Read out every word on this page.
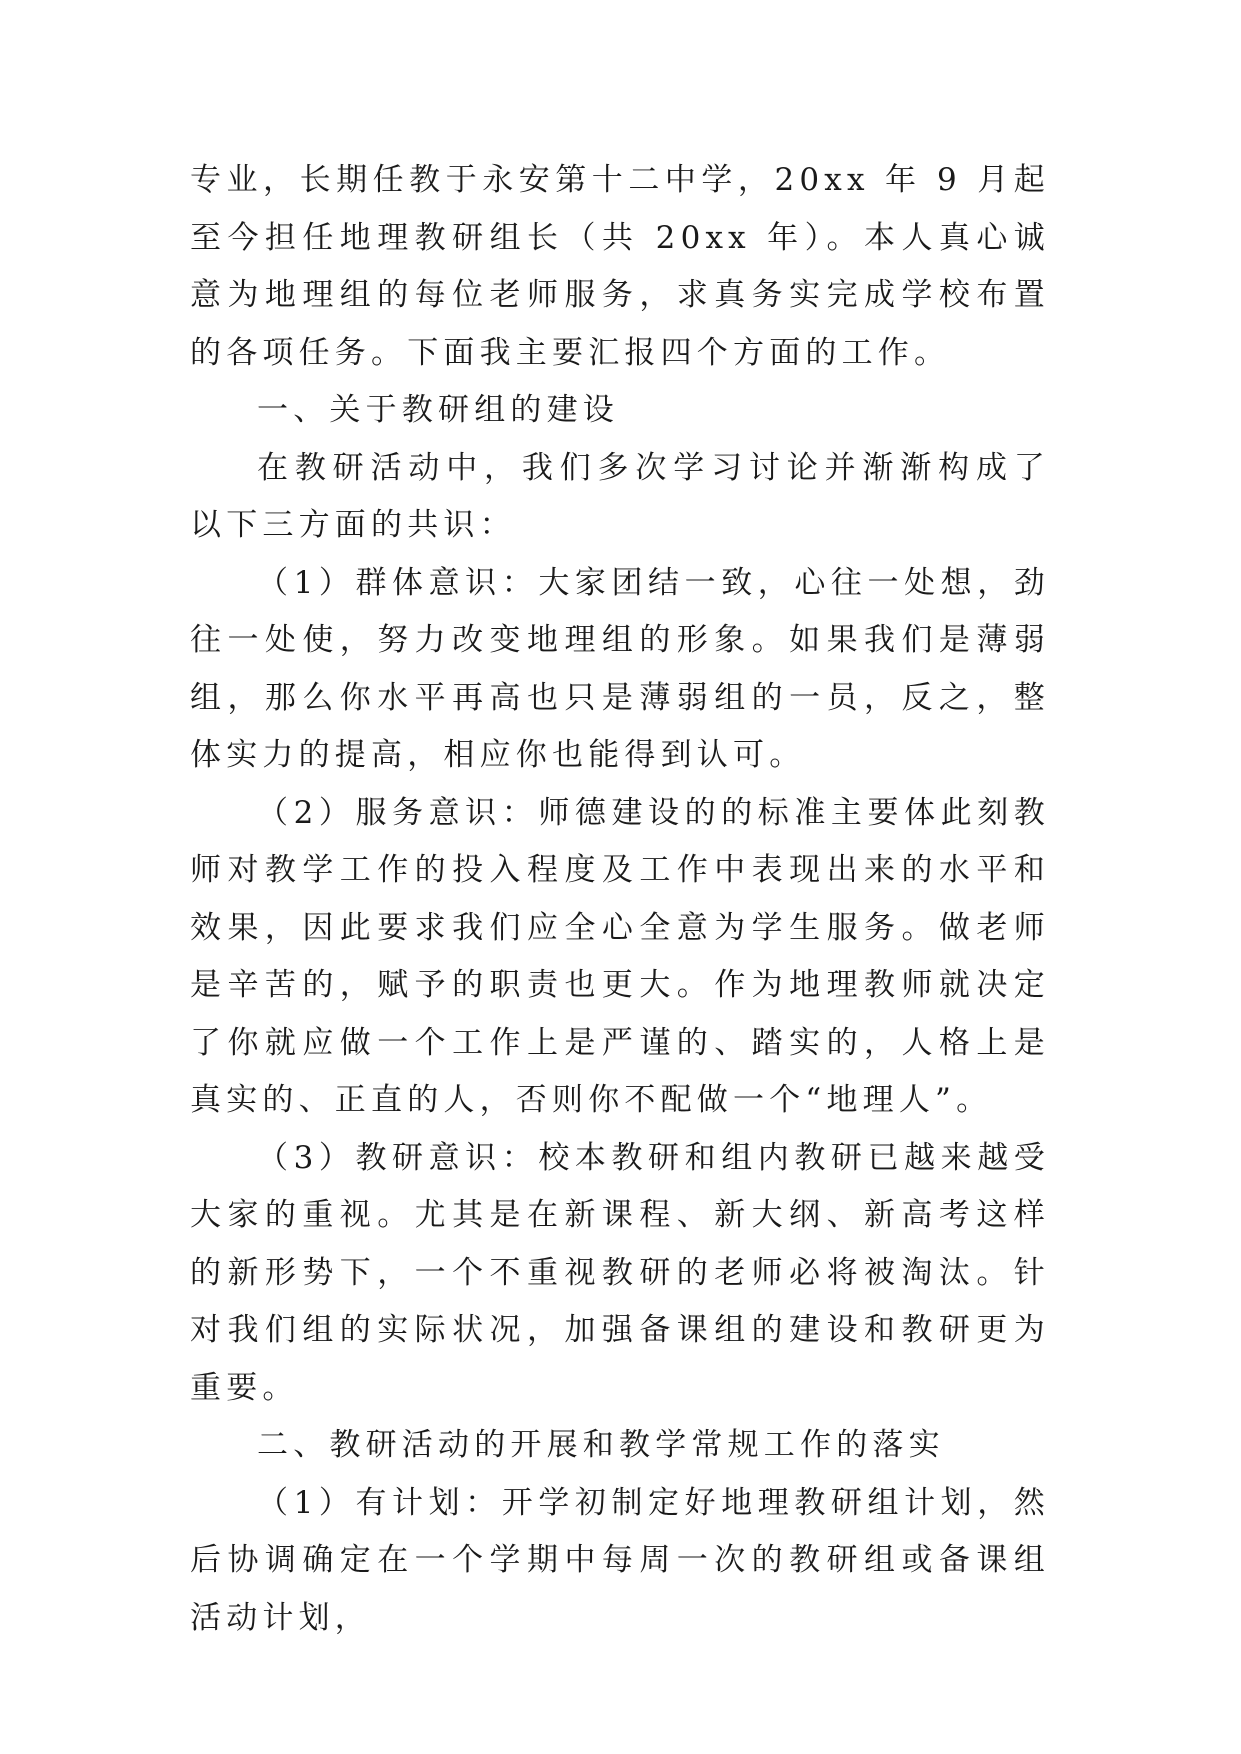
专业，长期任教于永安第十二中学，20xx 年 9 月起至今担任地理教研组长（共 20xx 年）。本人真心诚意为地理组的每位老师服务，求真务实完成学校布置的各项任务。下面我主要汇报四个方面的工作。

一、关于教研组的建设

在教研活动中，我们多次学习讨论并渐渐构成了以下三方面的共识：

（1）群体意识：大家团结一致，心往一处想，劲往一处使，努力改变地理组的形象。如果我们是薄弱组，那么你水平再高也只是薄弱组的一员，反之，整体实力的提高，相应你也能得到认可。

（2）服务意识：师德建设的的标准主要体此刻教师对教学工作的投入程度及工作中表现出来的水平和效果，因此要求我们应全心全意为学生服务。做老师是辛苦的，赋予的职责也更大。作为地理教师就决定了你就应做一个工作上是严谨的、踏实的，人格上是真实的、正直的人，否则你不配做一个“地理人”。

（3）教研意识：校本教研和组内教研已越来越受大家的重视。尤其是在新课程、新大纲、新高考这样的新形势下，一个不重视教研的老师必将被淘汰。针对我们组的实际状况，加强备课组的建设和教研更为重要。

二、教研活动的开展和教学常规工作的落实

（1）有计划：开学初制定好地理教研组计划，然后协调确定在一个学期中每周一次的教研组或备课组活动计划，
